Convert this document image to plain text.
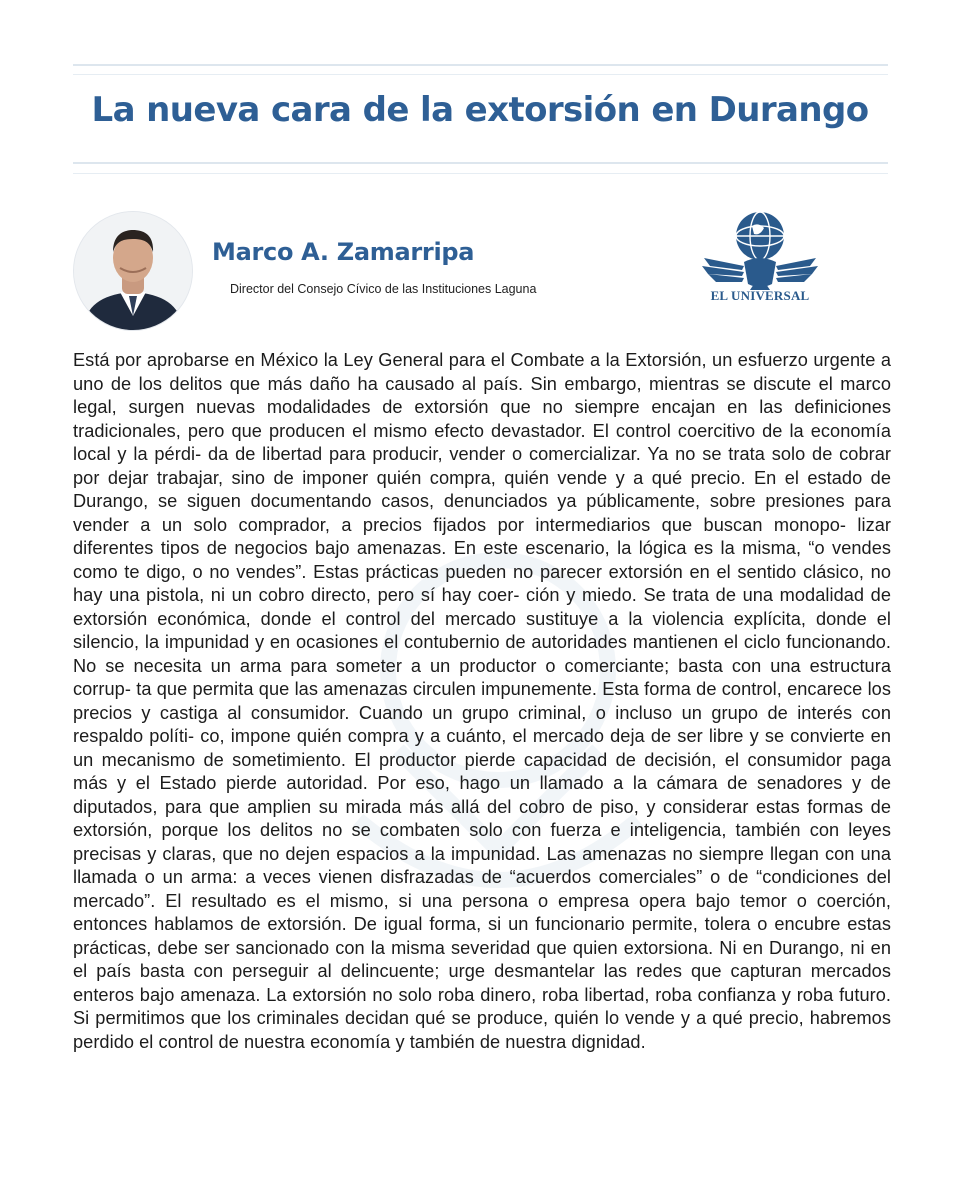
La nueva cara de la extorsión en Durango
Marco A. Zamarripa

Director del Consejo Cívico de las Instituciones Laguna	EL UNIVERSAL

Está por aprobarse en México la Ley General para el Combate a la Extorsión, un esfuerzo urgente a uno de los delitos que más daño ha causado al país. Sin embargo, mientras se discute el marco legal, surgen nuevas modalidades de extorsión que no siempre encajan en las definiciones tradicionales, pero que producen el mismo efecto devastador. El control coercitivo de la economía local y la pérdi- da de libertad para producir, vender o comercializar. Ya no se trata solo de cobrar por dejar trabajar, sino de imponer quién compra, quién vende y a qué precio. En el estado de Durango, se siguen documentando casos, denunciados ya públicamente, sobre presiones para vender a un solo comprador, a precios fijados por intermediarios que buscan monopo- lizar diferentes tipos de negocios bajo amenazas. En este escenario, la lógica es la misma, “o vendes como te digo, o no vendes”. Estas prácticas pueden no parecer extorsión en el sentido clásico, no hay una pistola, ni un cobro directo, pero sí hay coer- ción y miedo. Se trata de una modalidad de extorsión económica, donde el control del mercado sustituye a la violencia explícita, donde el silencio, la impunidad y en ocasiones el contubernio de autoridades mantienen el ciclo funcionando. No se necesita un arma para someter a un productor o comerciante; basta con una estructura corrup- ta que permita que las amenazas circulen impunemente. Esta forma de control, encarece los precios y castiga al consumidor. Cuando un grupo criminal, o incluso un grupo de interés con respaldo políti- co, impone quién compra y a cuánto, el mercado deja de ser libre y se convierte en un mecanismo de sometimiento. El productor pierde capacidad de decisión, el consumidor paga más y el Estado pierde autoridad. Por eso, hago un llamado a la cámara de senadores y de diputados, para que amplien su mirada más allá del cobro de piso, y considerar estas formas de extorsión, porque los delitos no se combaten solo con fuerza e inteligencia, también con leyes precisas y claras, que no dejen espacios a la impunidad. Las amenazas no siempre llegan con una llamada o un arma: a veces vienen disfrazadas de “acuerdos comerciales” o de “condiciones del mercado”. El resultado es el mismo, si una persona o empresa opera bajo temor o coerción, entonces hablamos de extorsión. De igual forma, si un funcionario permite, tolera o encubre estas prácticas, debe ser sancionado con la misma severidad que quien extorsiona. Ni en Durango, ni en el país basta con perseguir al delincuente; urge desmantelar las redes que capturan mercados enteros bajo amenaza. La extorsión no solo roba dinero, roba libertad, roba confianza y roba futuro. Si permitimos que los criminales decidan qué se produce, quién lo vende y a qué precio, habremos perdido el control de nuestra economía y también de nuestra dignidad.
